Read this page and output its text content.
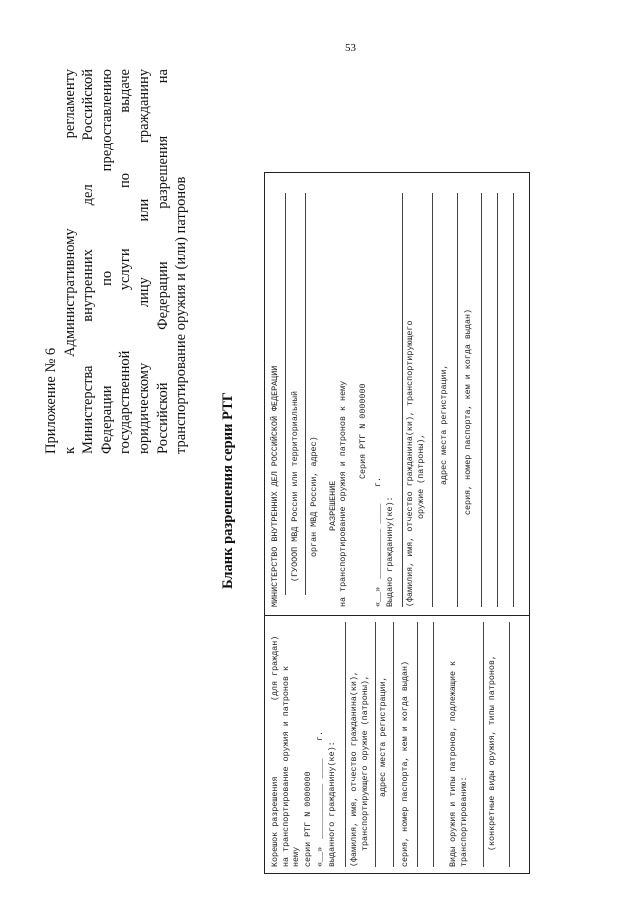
53
Приложение № 6 к
Административному
регламенту
Министерства
внутренних
дел
Российской
Федерации
по
предоставлению
государственной
услуги
по
выдаче
юридическому
лицу
или
гражданину
Российской
Федерации
разрешения
на
транспортирование оружия и (или) патронов
Бланк разрешения серии РТГ
Корешок разрешения
(для граждан) на транспортирование оружия и патронов к нему серии РТГ N 0000000 «__»
___________ ____
г.
выданного гражданину(ке): (фамилия, имя, отчество гражданина(ки), транспортирующего оружие (патроны), адрес места регистрации, серия, номер паспорта, кем и когда выдан)	Виды оружия и типы патронов, подлежащие к транспортированию: (конкретные виды оружия, типы патронов,
МИНИСТЕРСТВО ВНУТРЕННИХ ДЕЛ РОССИЙСКОЙ ФЕДЕРАЦИИ (ГУОООП МВД России или территориальный орган МВД России, адрес) РАЗРЕШЕНИЕ на транспортирование оружия и патронов к нему Серия РТГ N 0000000
«__»
__________ ____
г.
Выдано гражданину(ке): (фамилия, имя, отчество гражданина(ки), транспортирующего оружие (патроны), адрес места регистрации, серия, номер паспорта, кем и когда выдан)
